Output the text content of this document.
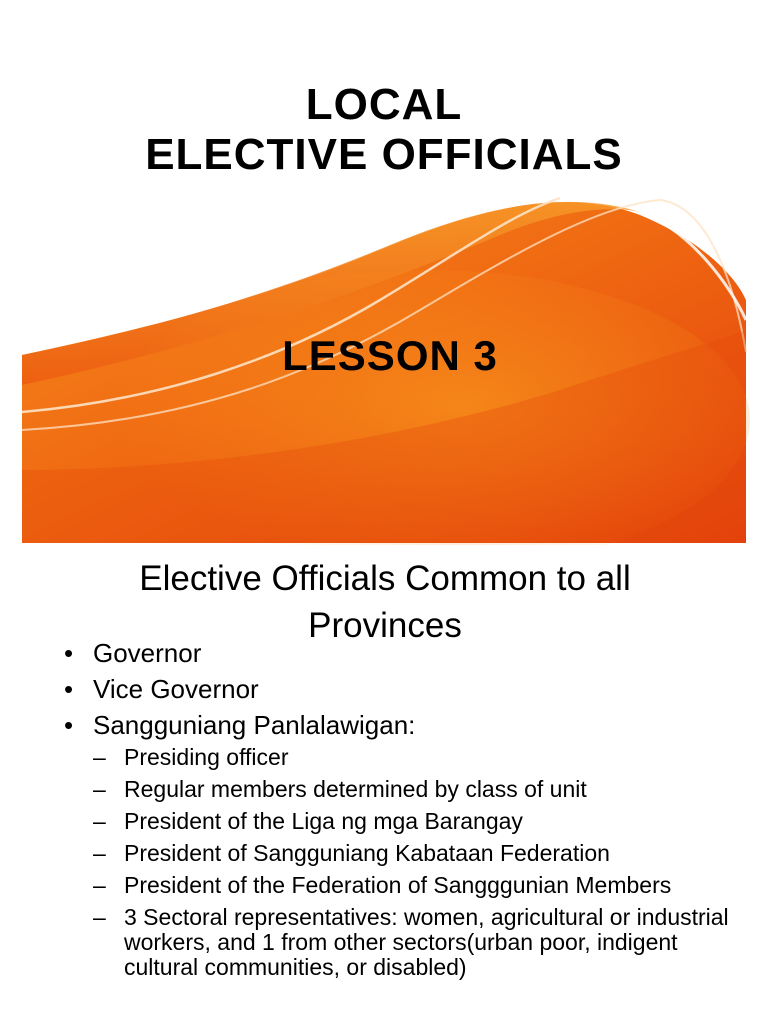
LOCAL
ELECTIVE OFFICIALS
LESSON 3
Elective Officials Common to all Provinces
• Governor
• Vice Governor
• Sangguniang Panlalawigan:
– Presiding officer
– Regular members determined by class of unit
– President of the Liga ng mga Barangay
– President of Sangguniang Kabataan Federation
– President of the Federation of Sangggunian Members
– 3 Sectoral representatives: women, agricultural or industrial workers, and 1 from other sectors(urban poor, indigent cultural communities, or disabled)
